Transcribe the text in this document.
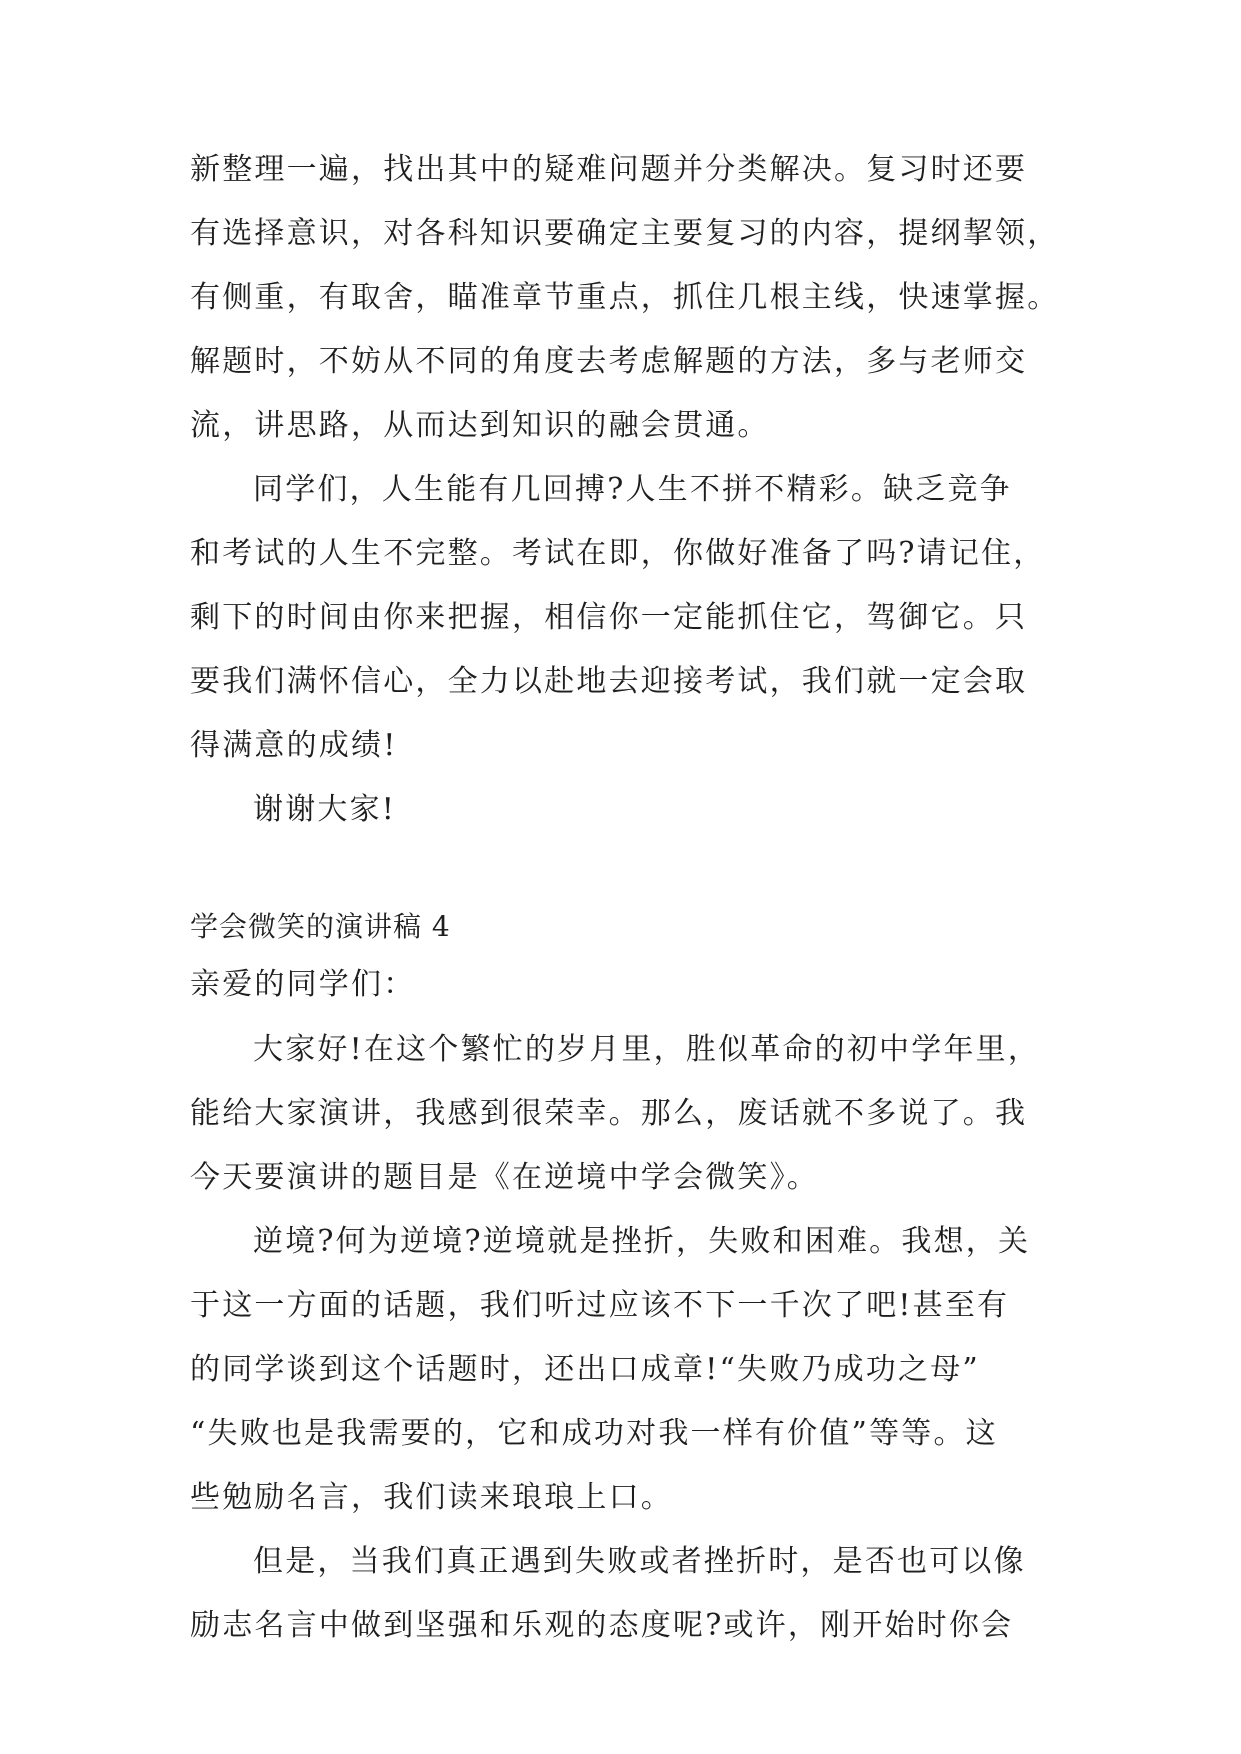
新整理一遍，找出其中的疑难问题并分类解决。复习时还要
有选择意识，对各科知识要确定主要复习的内容，提纲挈领，
有侧重，有取舍，瞄准章节重点，抓住几根主线，快速掌握。
解题时，不妨从不同的角度去考虑解题的方法，多与老师交
流，讲思路，从而达到知识的融会贯通。
同学们，人生能有几回搏?人生不拼不精彩。缺乏竞争
和考试的人生不完整。考试在即，你做好准备了吗?请记住，
剩下的时间由你来把握，相信你一定能抓住它，驾御它。只
要我们满怀信心，全力以赴地去迎接考试，我们就一定会取
得满意的成绩!
谢谢大家!
学会微笑的演讲稿 4
亲爱的同学们：
大家好!在这个繁忙的岁月里，胜似革命的初中学年里，
能给大家演讲，我感到很荣幸。那么，废话就不多说了。我
今天要演讲的题目是《在逆境中学会微笑》。
逆境?何为逆境?逆境就是挫折，失败和困难。我想，关
于这一方面的话题，我们听过应该不下一千次了吧!甚至有
的同学谈到这个话题时，还出口成章!“失败乃成功之母”
“失败也是我需要的，它和成功对我一样有价值”等等。这
些勉励名言，我们读来琅琅上口。
但是，当我们真正遇到失败或者挫折时，是否也可以像
励志名言中做到坚强和乐观的态度呢?或许，刚开始时你会
